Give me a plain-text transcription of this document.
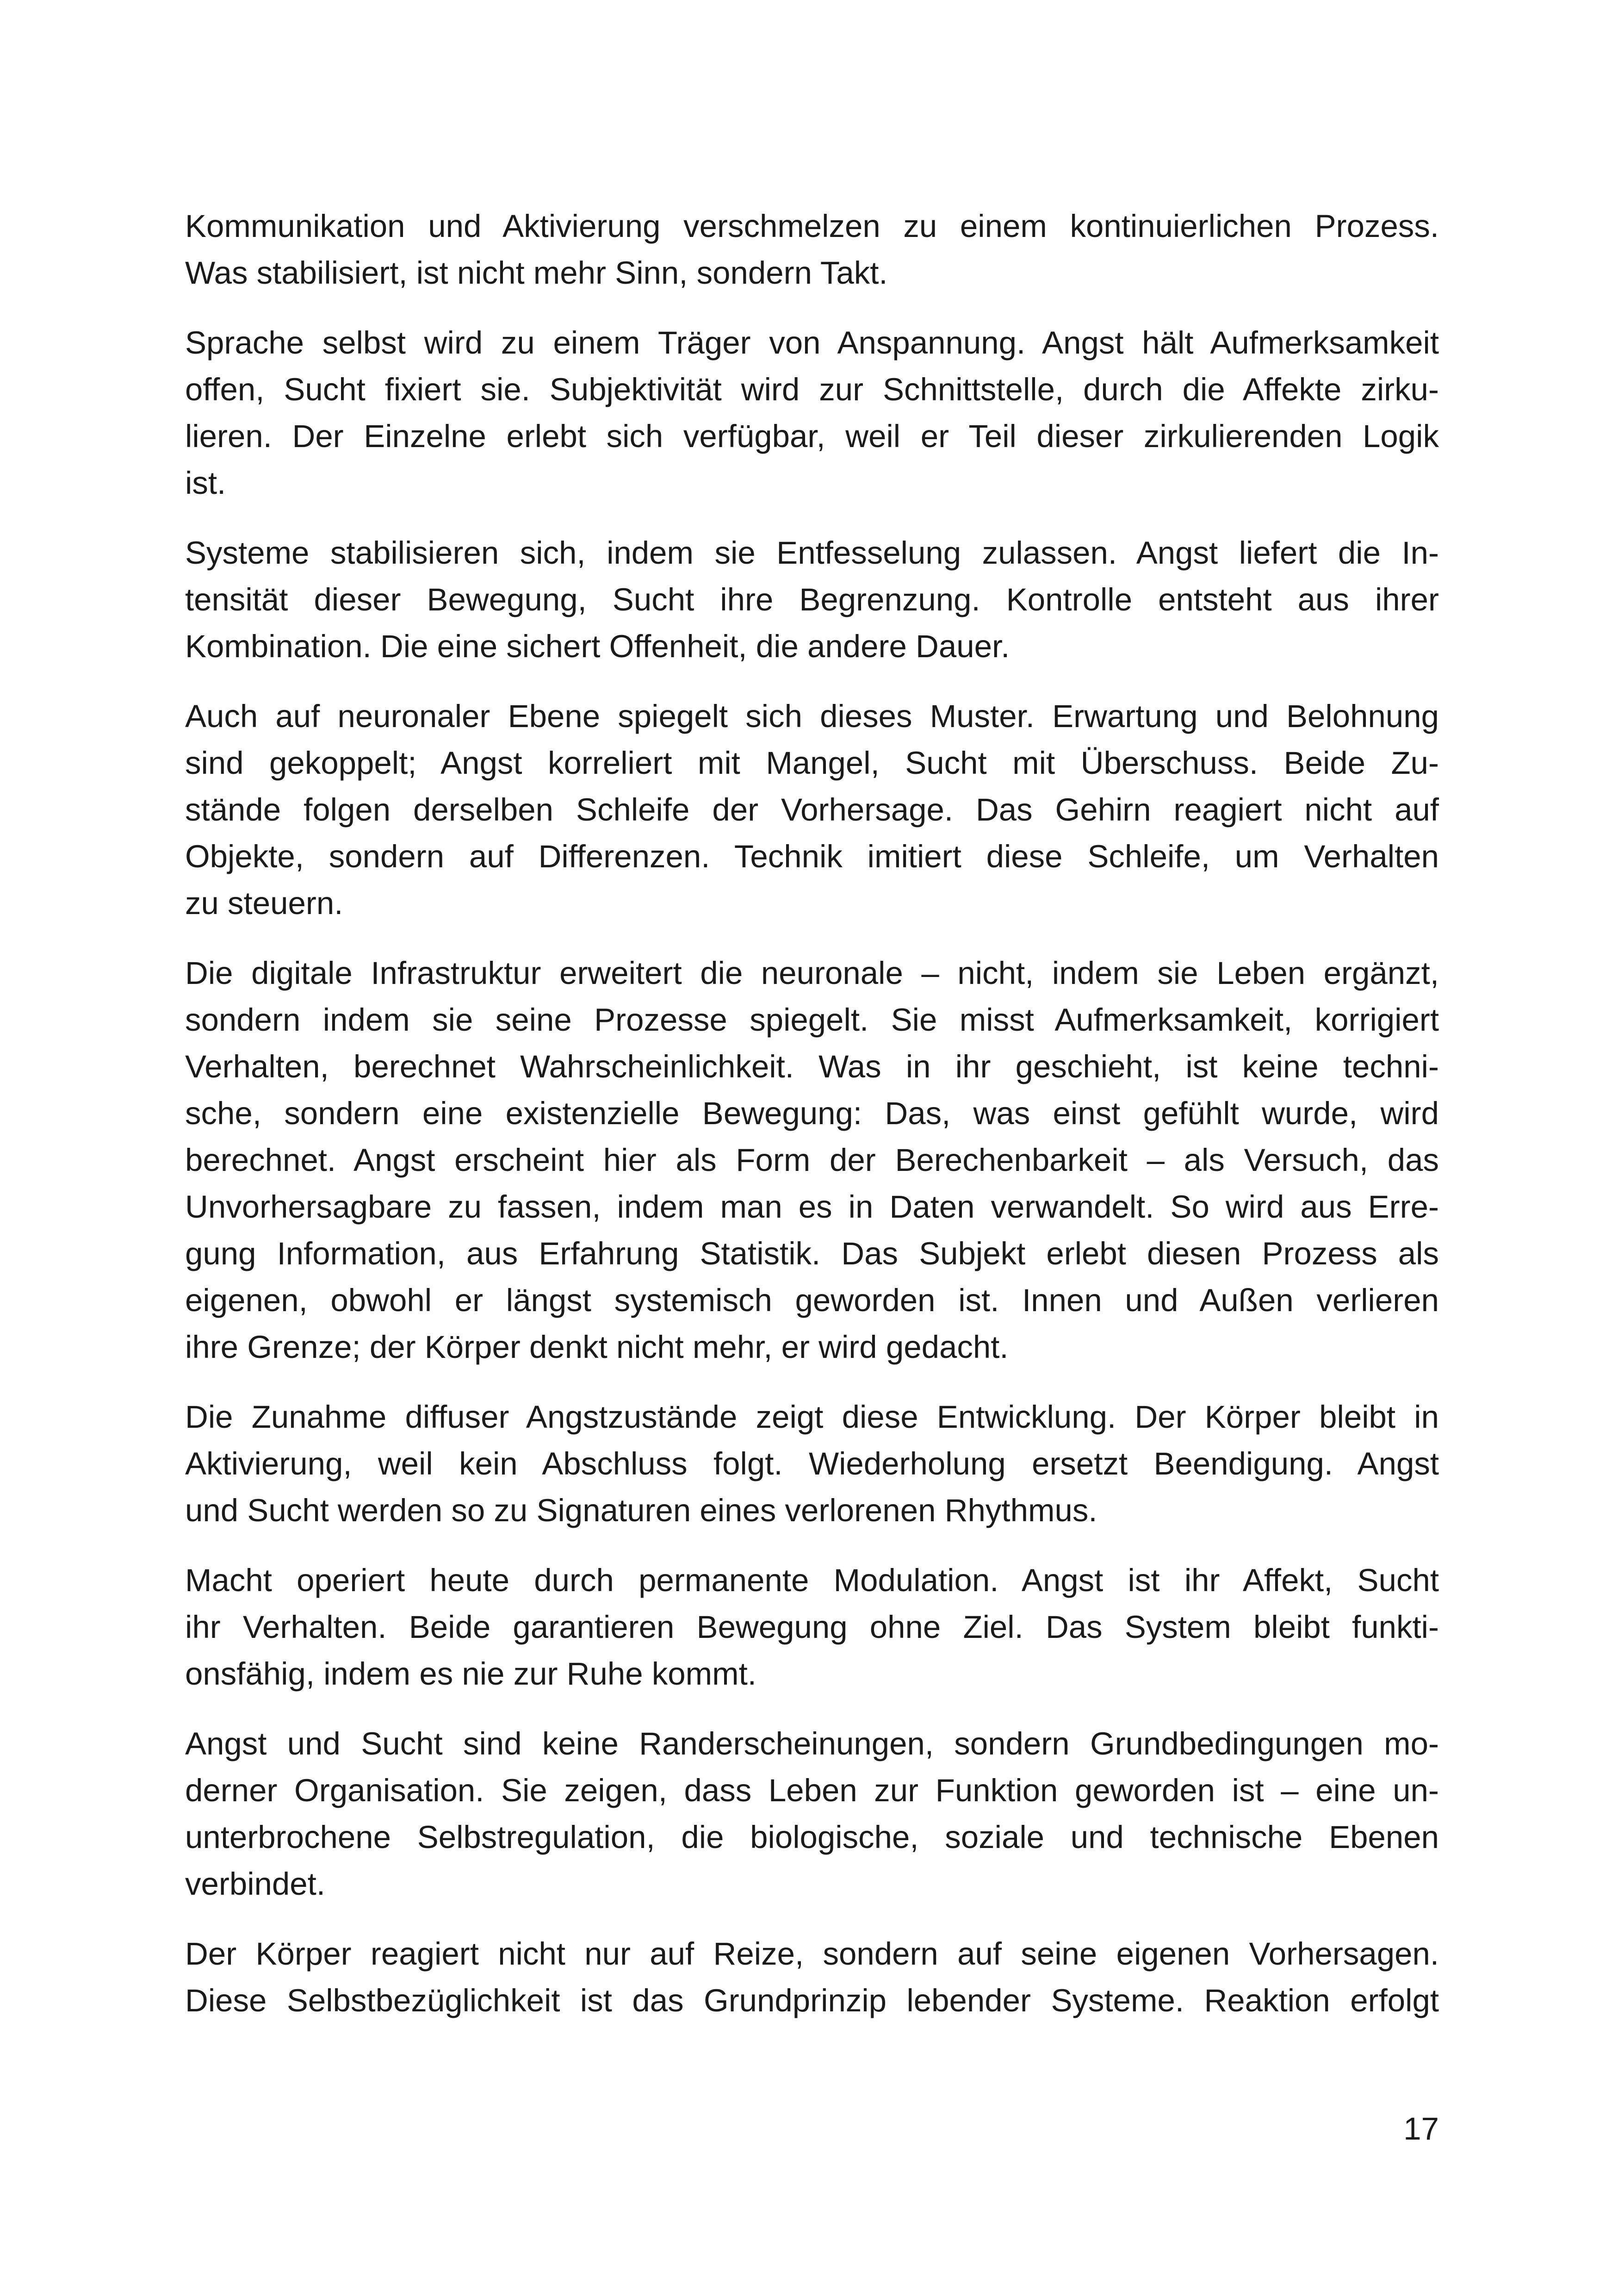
Kommunikation und Aktivierung verschmelzen zu einem kontinuierlichen Prozess.
Was stabilisiert, ist nicht mehr Sinn, sondern Takt.
Sprache selbst wird zu einem Träger von Anspannung. Angst hält Aufmerksamkeit
offen, Sucht fixiert sie. Subjektivität wird zur Schnittstelle, durch die Affekte zirku-
lieren. Der Einzelne erlebt sich verfügbar, weil er Teil dieser zirkulierenden Logik
ist.
Systeme stabilisieren sich, indem sie Entfesselung zulassen. Angst liefert die In-
tensität dieser Bewegung, Sucht ihre Begrenzung. Kontrolle entsteht aus ihrer
Kombination. Die eine sichert Offenheit, die andere Dauer.
Auch auf neuronaler Ebene spiegelt sich dieses Muster. Erwartung und Belohnung
sind gekoppelt; Angst korreliert mit Mangel, Sucht mit Überschuss. Beide Zu-
stände folgen derselben Schleife der Vorhersage. Das Gehirn reagiert nicht auf
Objekte, sondern auf Differenzen. Technik imitiert diese Schleife, um Verhalten
zu steuern.
Die digitale Infrastruktur erweitert die neuronale – nicht, indem sie Leben ergänzt,
sondern indem sie seine Prozesse spiegelt. Sie misst Aufmerksamkeit, korrigiert
Verhalten, berechnet Wahrscheinlichkeit. Was in ihr geschieht, ist keine techni-
sche, sondern eine existenzielle Bewegung: Das, was einst gefühlt wurde, wird
berechnet. Angst erscheint hier als Form der Berechenbarkeit – als Versuch, das
Unvorhersagbare zu fassen, indem man es in Daten verwandelt. So wird aus Erre-
gung Information, aus Erfahrung Statistik. Das Subjekt erlebt diesen Prozess als
eigenen, obwohl er längst systemisch geworden ist. Innen und Außen verlieren
ihre Grenze; der Körper denkt nicht mehr, er wird gedacht.
Die Zunahme diffuser Angstzustände zeigt diese Entwicklung. Der Körper bleibt in
Aktivierung, weil kein Abschluss folgt. Wiederholung ersetzt Beendigung. Angst
und Sucht werden so zu Signaturen eines verlorenen Rhythmus.
Macht operiert heute durch permanente Modulation. Angst ist ihr Affekt, Sucht
ihr Verhalten. Beide garantieren Bewegung ohne Ziel. Das System bleibt funkti-
onsfähig, indem es nie zur Ruhe kommt.
Angst und Sucht sind keine Randerscheinungen, sondern Grundbedingungen mo-
derner Organisation. Sie zeigen, dass Leben zur Funktion geworden ist – eine un-
unterbrochene Selbstregulation, die biologische, soziale und technische Ebenen
verbindet.
Der Körper reagiert nicht nur auf Reize, sondern auf seine eigenen Vorhersagen.
Diese Selbstbezüglichkeit ist das Grundprinzip lebender Systeme. Reaktion erfolgt
17
